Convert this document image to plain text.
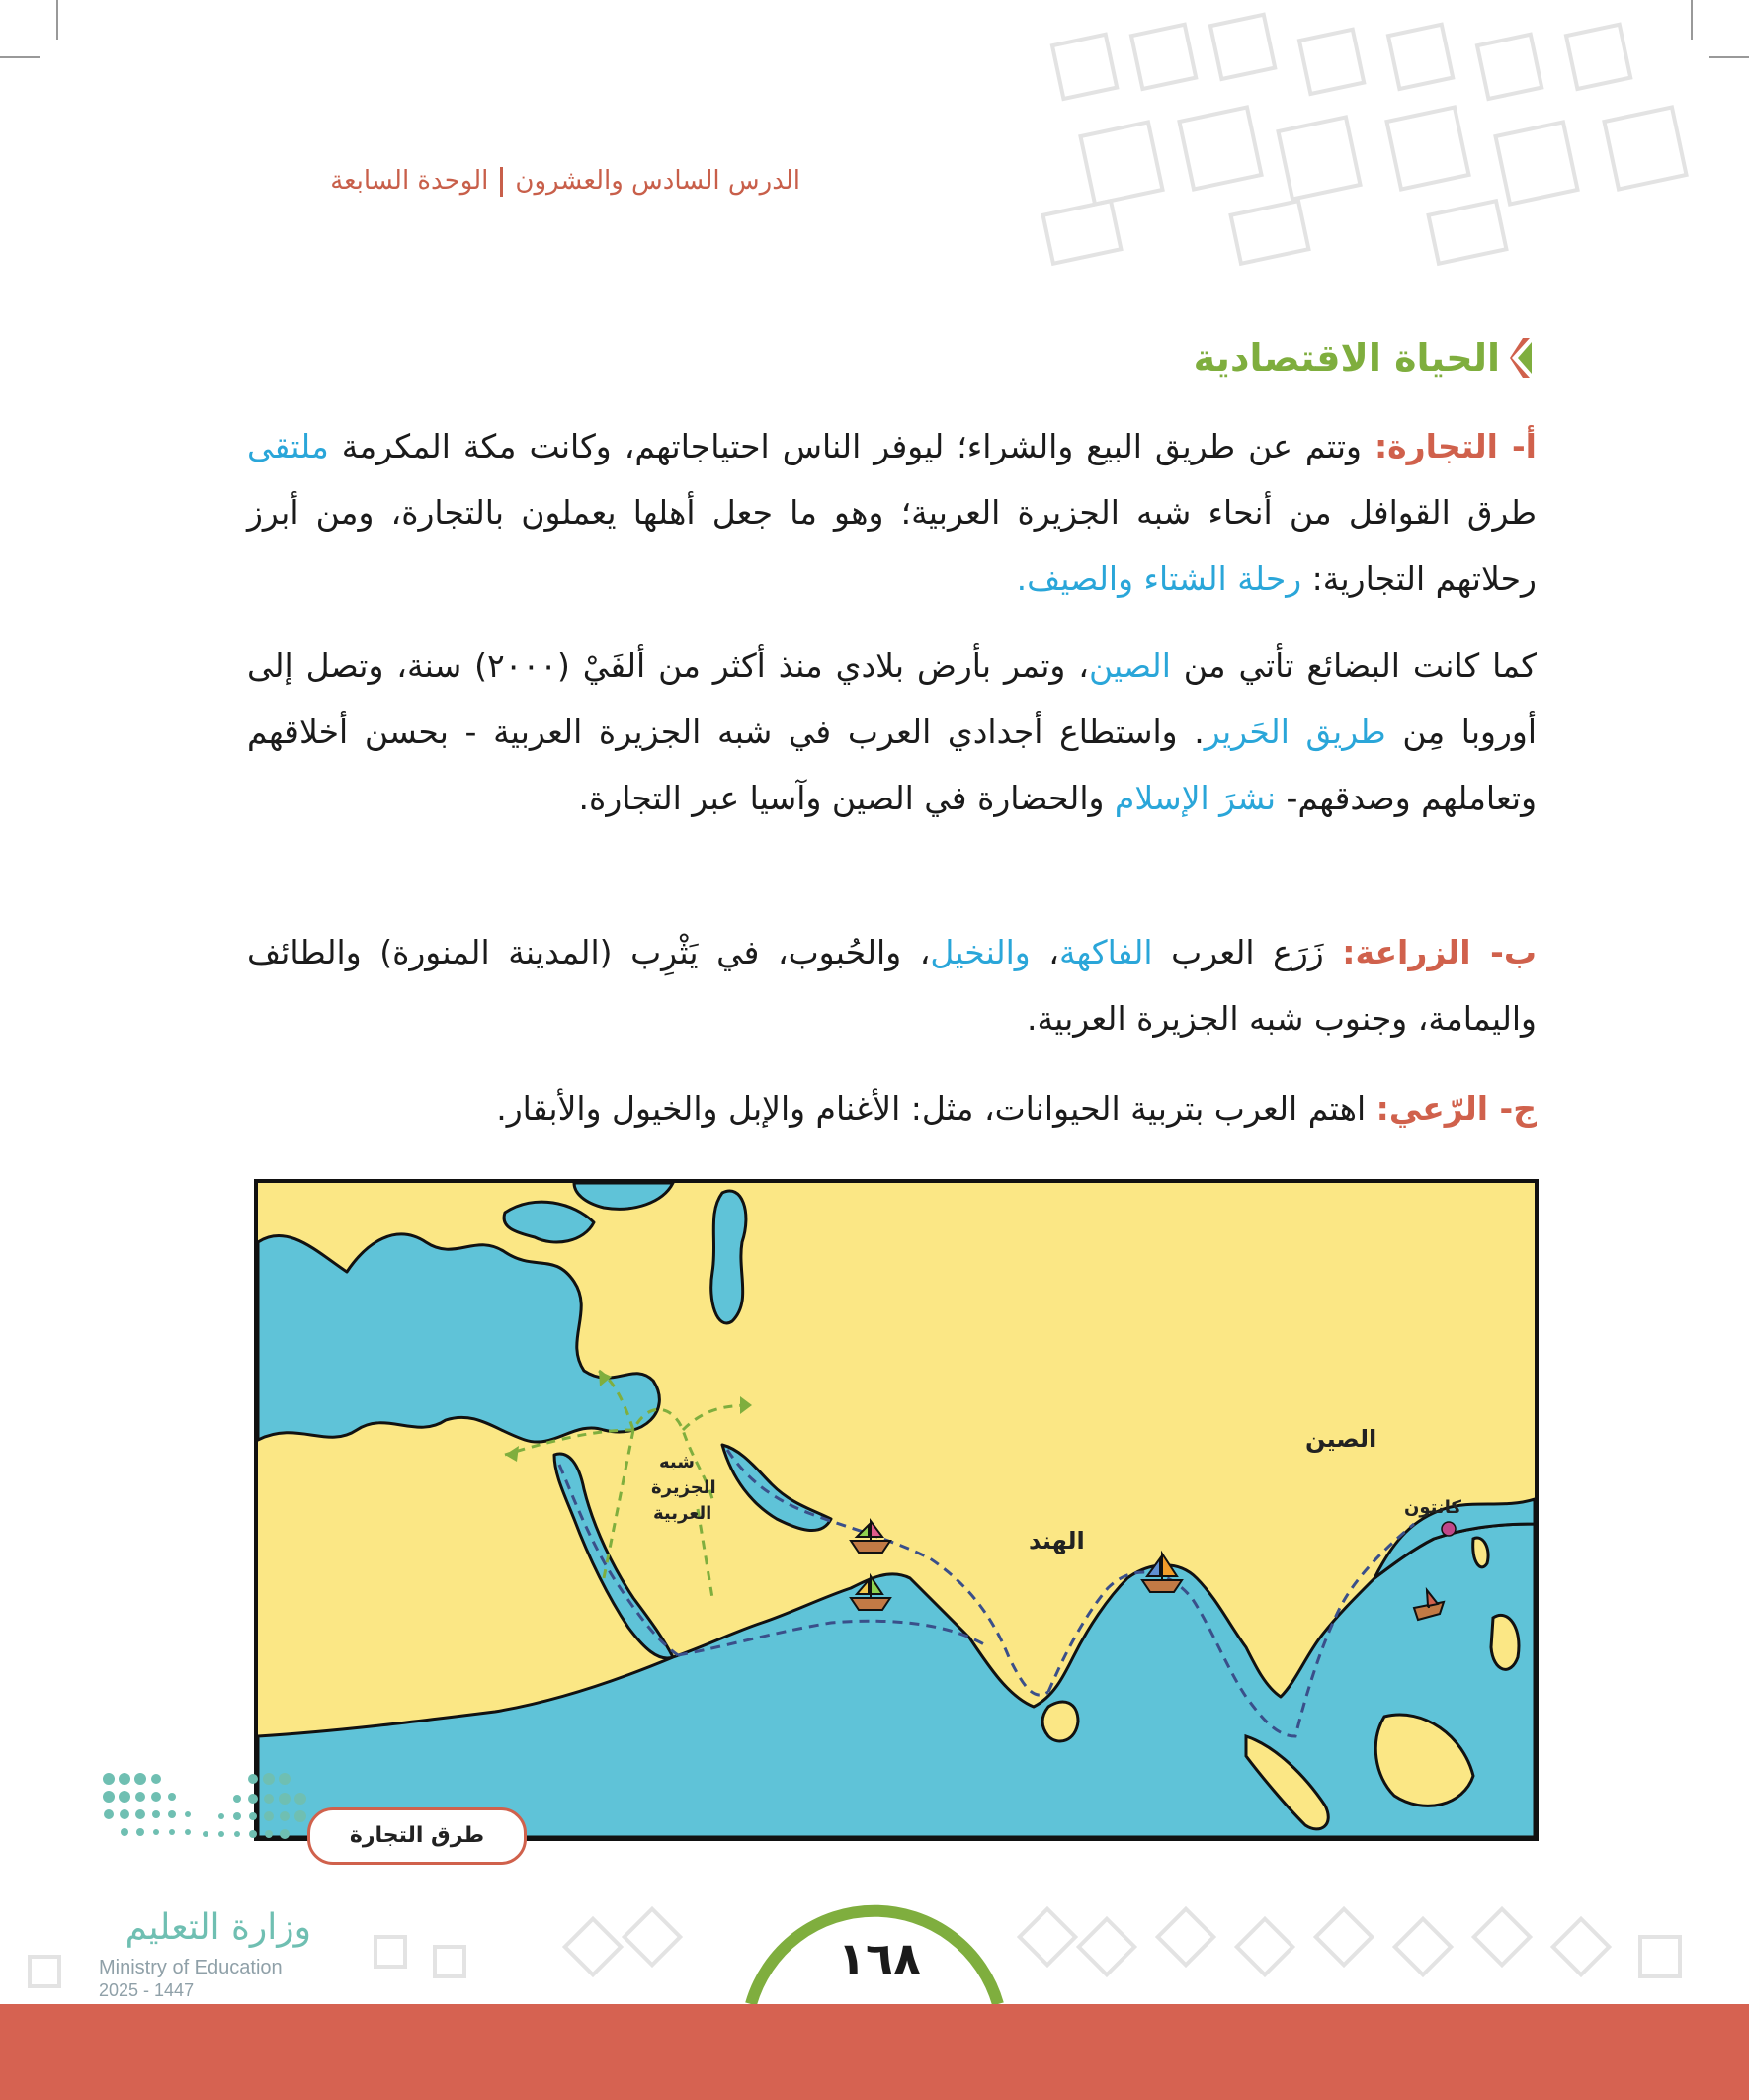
الدرس السادس والعشرونالوحدة السابعة
الحياة الاقتصادية

أ- التجارة: وتتم عن طريق البيع والشراء؛ ليوفر الناس احتياجاتهم، وكانت مكة المكرمة ملتقى طرق القوافل من أنحاء شبه الجزيرة العربية؛ وهو ما جعل أهلها يعملون بالتجارة، ومن أبرز رحلاتهم التجارية: رحلة الشتاء والصيف.

كما كانت البضائع تأتي من الصين، وتمر بأرض بلادي منذ أكثر من ألفَيْ (٢٠٠٠) سنة، وتصل إلى أوروبا مِن طريق الحَرير. واستطاع أجدادي العرب في شبه الجزيرة العربية - بحسن أخلاقهم وتعاملهم وصدقهم- نشرَ الإسلام والحضارة في الصين وآسيا عبر التجارة.

ب- الزراعة: زَرَع العرب الفاكهة، والنخيل، والحُبوب، في يَثْرِب (المدينة المنورة) والطائف واليمامة، وجنوب شبه الجزيرة العربية.

ج- الرّعي: اهتم العرب بتربية الحيوانات، مثل: الأغنام والإبل والخيول والأبقار.

شبه
الجزيرة
العربية
الهند
الصين
كانتون
طرق التجارة
وزارة التعليم
Ministry of Education
2025 - 1447
١٦٨
